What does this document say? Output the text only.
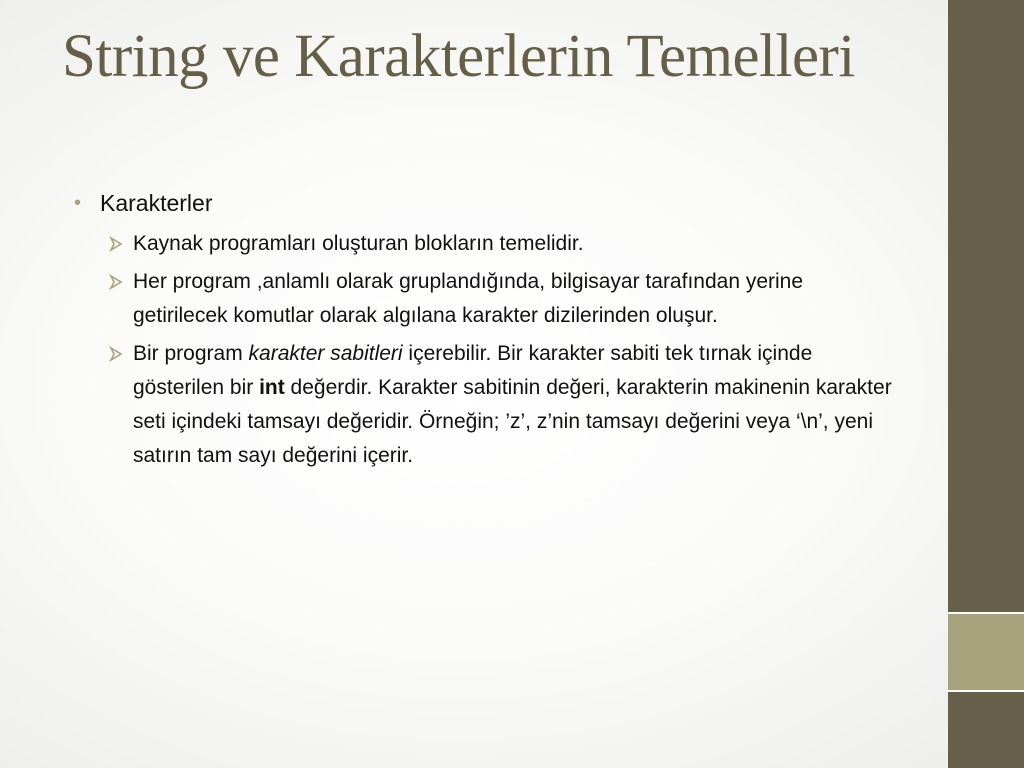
String ve Karakterlerin Temelleri
• Karakterler
Kaynak programları oluşturan blokların temelidir.
Her program ,anlamlı olarak gruplandığında, bilgisayar tarafından yerine getirilecek komutlar olarak algılana karakter dizilerinden oluşur.
Bir program karakter sabitleri içerebilir. Bir karakter sabiti tek tırnak içinde gösterilen bir int değerdir. Karakter sabitinin değeri, karakterin makinenin karakter seti içindeki tamsayı değeridir. Örneğin; ’z’, z’nin tamsayı değerini veya ‘\n’, yeni satırın tam sayı değerini içerir.
